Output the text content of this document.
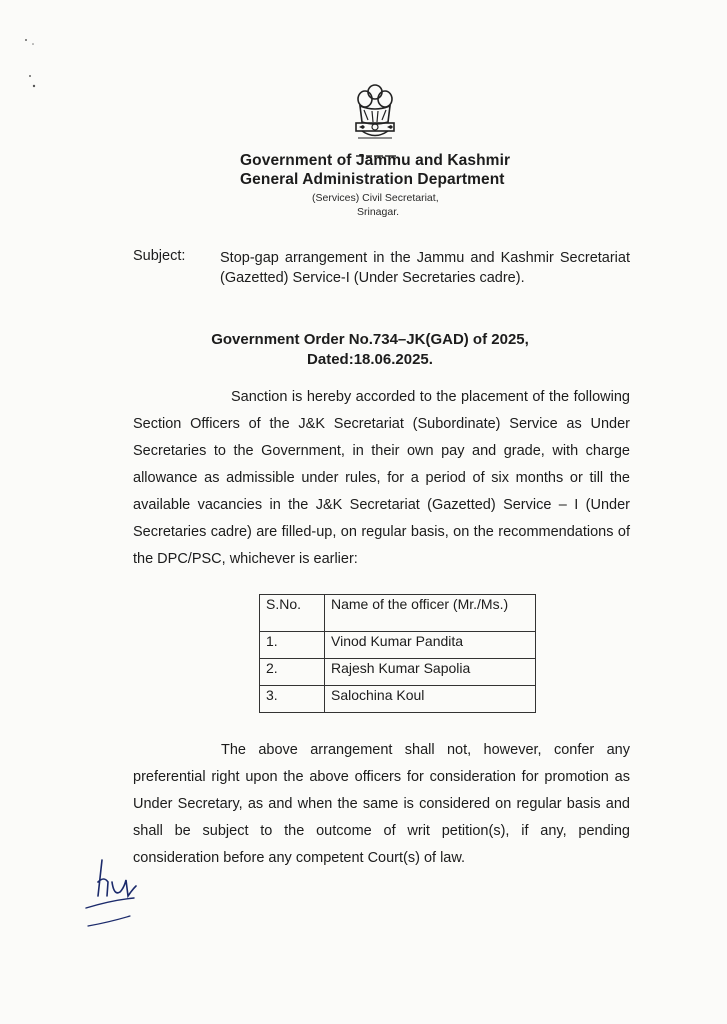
Government of Jammu and Kashmir
General Administration Department
(Services) Civil Secretariat,
Srinagar.
Subject: Stop-gap arrangement in the Jammu and Kashmir Secretariat (Gazetted) Service-I (Under Secretaries cadre).
Government Order No.734–JK(GAD) of 2025,
Dated:18.06.2025.
Sanction is hereby accorded to the placement of the following Section Officers of the J&K Secretariat (Subordinate) Service as Under Secretaries to the Government, in their own pay and grade, with charge allowance as admissible under rules, for a period of six months or till the available vacancies in the J&K Secretariat (Gazetted) Service – I (Under Secretaries cadre) are filled-up, on regular basis, on the recommendations of the DPC/PSC, whichever is earlier:
S.No.	Name of the officer (Mr./Ms.)
1.	Vinod Kumar Pandita
2.	Rajesh Kumar Sapolia
3.	Salochina Koul
The above arrangement shall not, however, confer any preferential right upon the above officers for consideration for promotion as Under Secretary, as and when the same is considered on regular basis and shall be subject to the outcome of writ petition(s), if any, pending consideration before any competent Court(s) of law.
